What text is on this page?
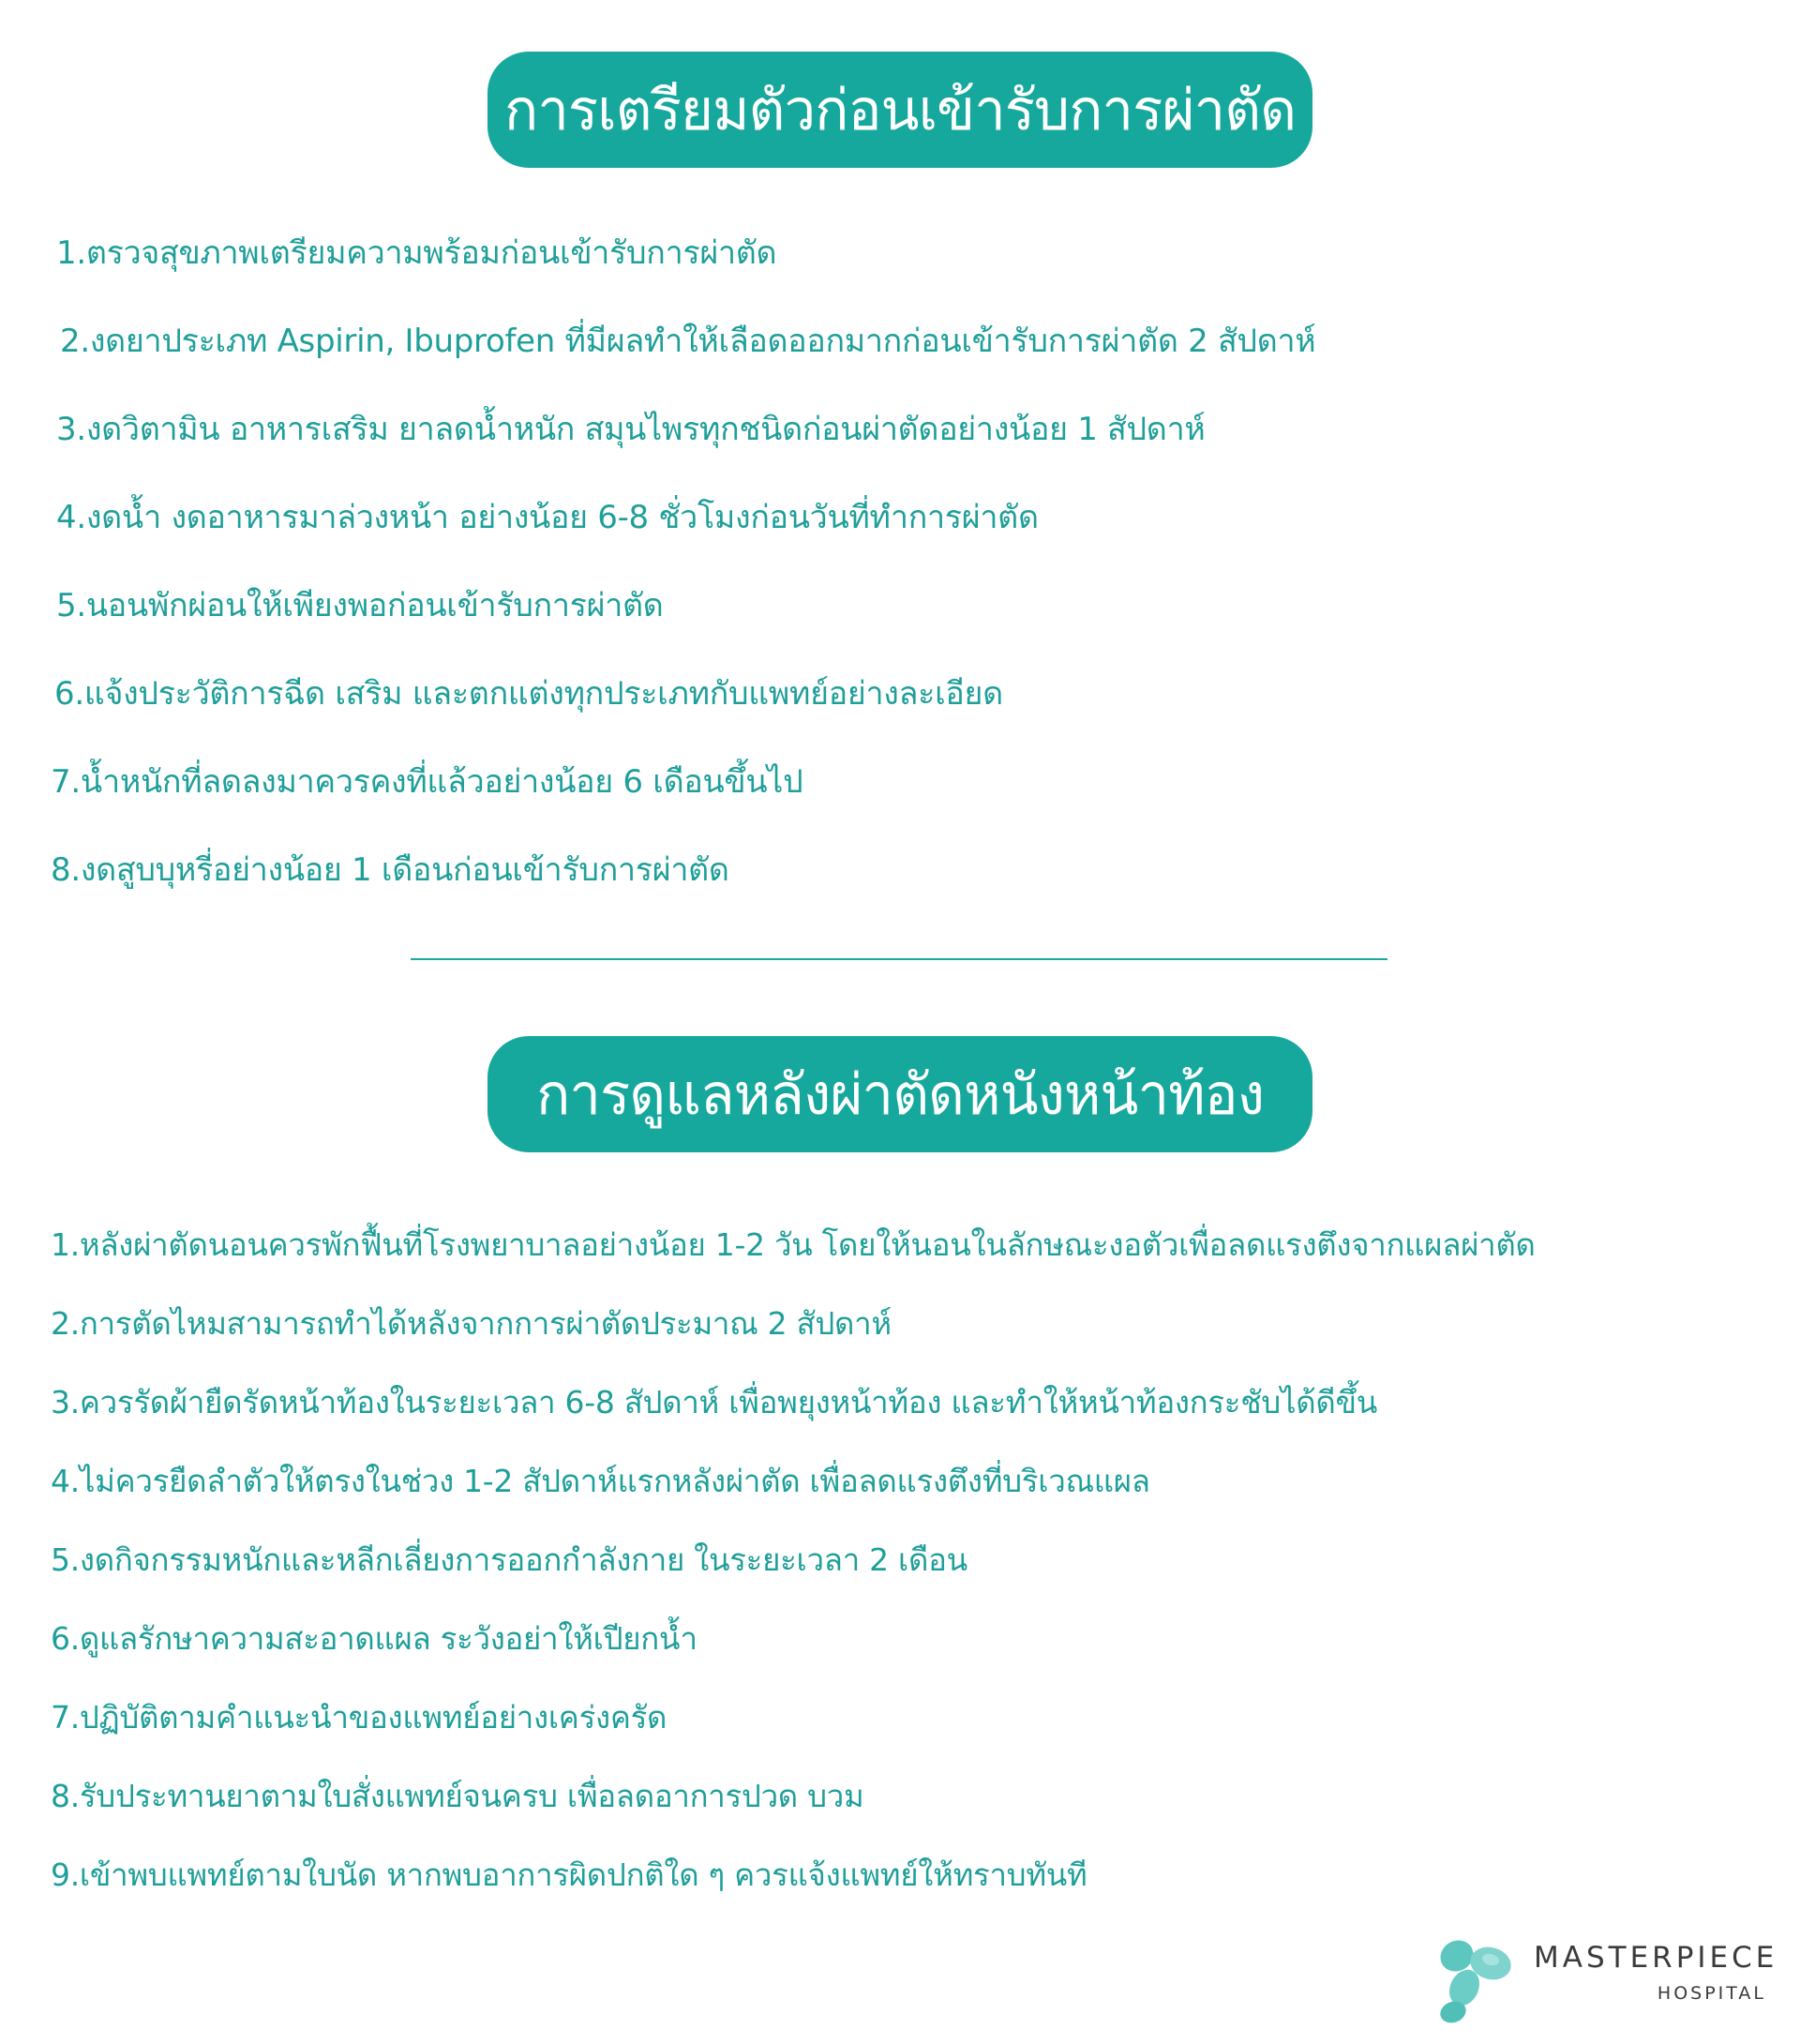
การเตรียมตัวก่อนเข้ารับการผ่าตัด
1.ตรวจสุขภาพเตรียมความพร้อมก่อนเข้ารับการผ่าตัด
2.งดยาประเภท Aspirin, Ibuprofen ที่มีผลทำให้เลือดออกมากก่อนเข้ารับการผ่าตัด 2 สัปดาห์
3.งดวิตามิน อาหารเสริม ยาลดน้ำหนัก สมุนไพรทุกชนิดก่อนผ่าตัดอย่างน้อย 1 สัปดาห์
4.งดน้ำ งดอาหารมาล่วงหน้า อย่างน้อย 6-8 ชั่วโมงก่อนวันที่ทำการผ่าตัด
5.นอนพักผ่อนให้เพียงพอก่อนเข้ารับการผ่าตัด
6.แจ้งประวัติการฉีด เสริม และตกแต่งทุกประเภทกับแพทย์อย่างละเอียด
7.น้ำหนักที่ลดลงมาควรคงที่แล้วอย่างน้อย 6 เดือนขึ้นไป
8.งดสูบบุหรี่อย่างน้อย 1 เดือนก่อนเข้ารับการผ่าตัด
การดูแลหลังผ่าตัดหนังหน้าท้อง
1.หลังผ่าตัดนอนควรพักฟื้นที่โรงพยาบาลอย่างน้อย 1-2 วัน โดยให้นอนในลักษณะงอตัวเพื่อลดแรงตึงจากแผลผ่าตัด
2.การตัดไหมสามารถทำได้หลังจากการผ่าตัดประมาณ 2 สัปดาห์
3.ควรรัดผ้ายืดรัดหน้าท้องในระยะเวลา 6-8 สัปดาห์ เพื่อพยุงหน้าท้อง และทำให้หน้าท้องกระชับได้ดีขึ้น
4.ไม่ควรยืดลำตัวให้ตรงในช่วง 1-2 สัปดาห์แรกหลังผ่าตัด เพื่อลดแรงตึงที่บริเวณแผล
5.งดกิจกรรมหนักและหลีกเลี่ยงการออกกำลังกาย ในระยะเวลา 2 เดือน
6.ดูแลรักษาความสะอาดแผล ระวังอย่าให้เปียกน้ำ
7.ปฏิบัติตามคำแนะนำของแพทย์อย่างเคร่งครัด
8.รับประทานยาตามใบสั่งแพทย์จนครบ เพื่อลดอาการปวด บวม
9.เข้าพบแพทย์ตามใบนัด หากพบอาการผิดปกติใด ๆ ควรแจ้งแพทย์ให้ทราบทันที
MASTERPIECE
HOSPITAL
